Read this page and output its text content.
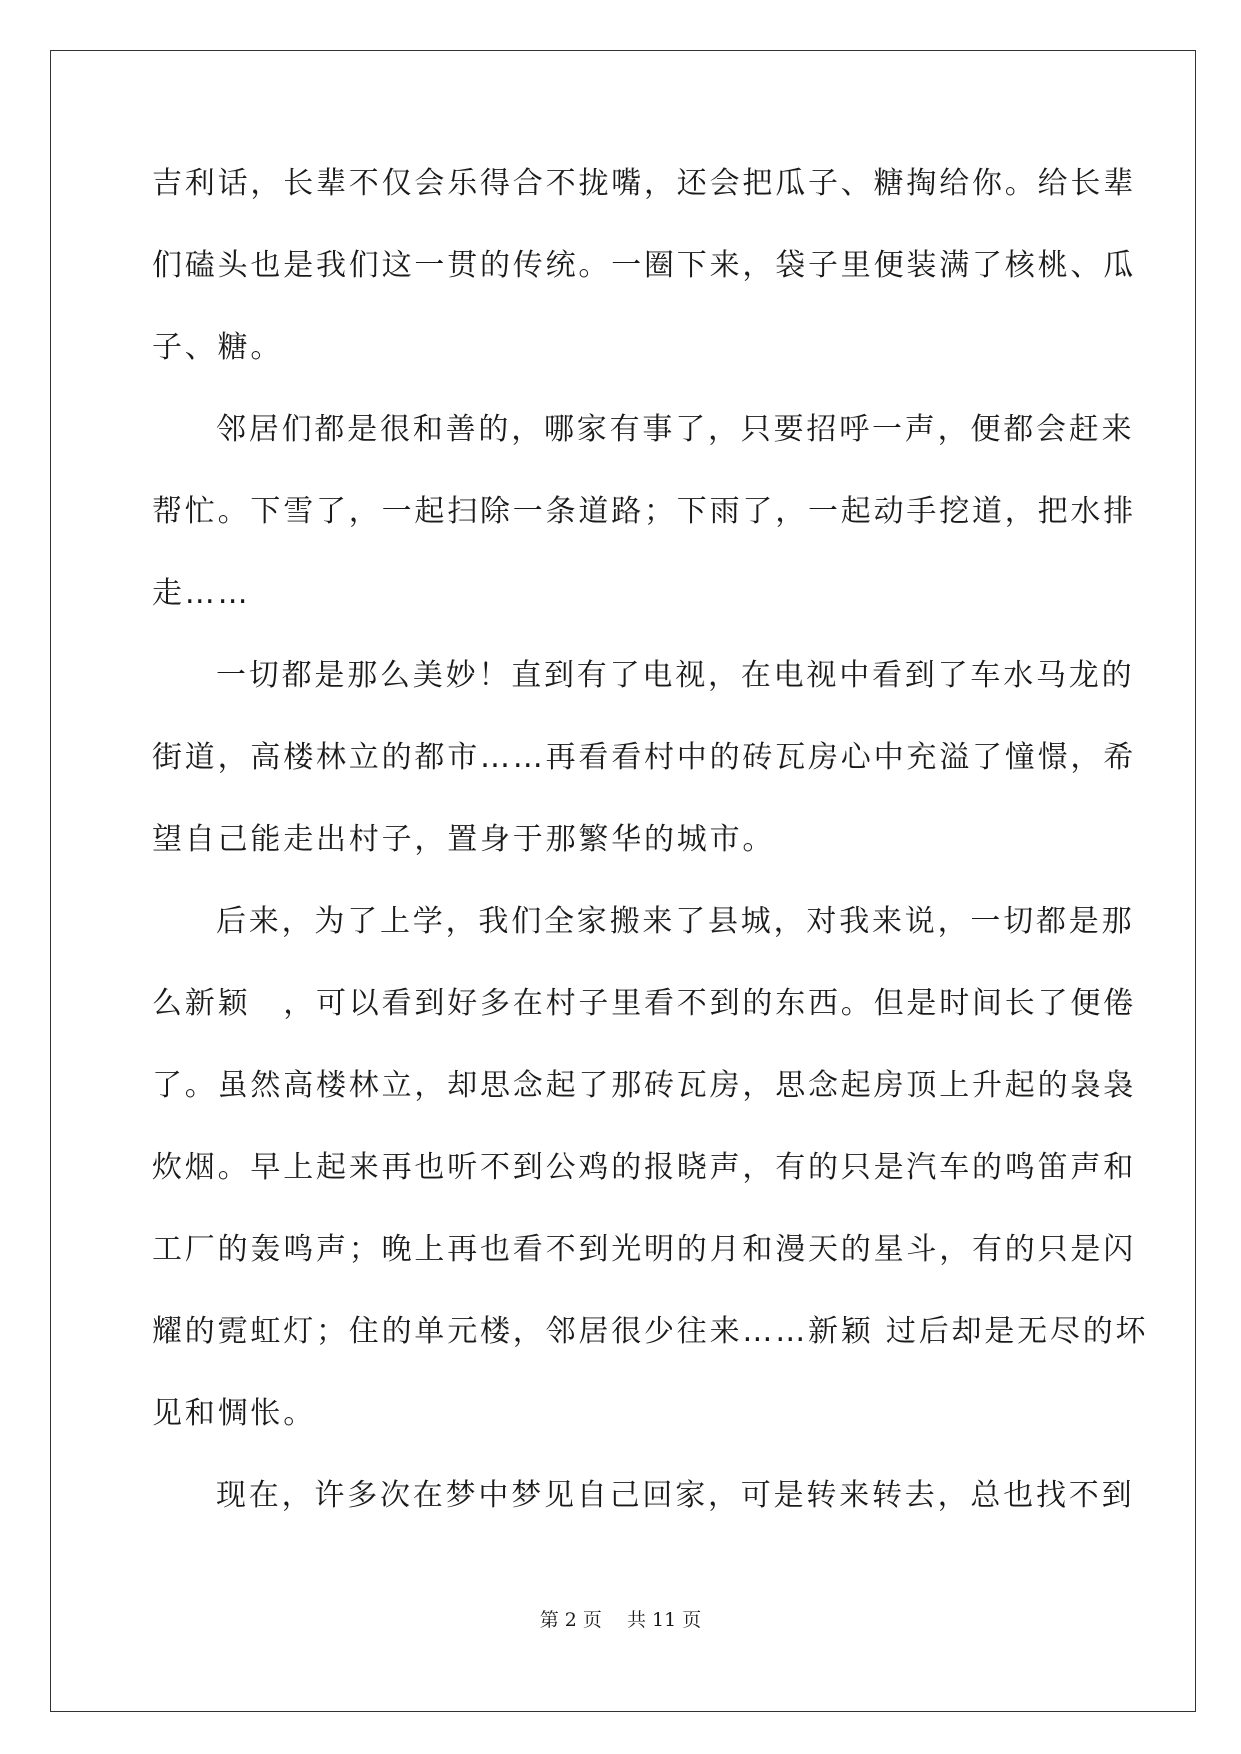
吉利话，长辈不仅会乐得合不拢嘴，还会把瓜子、糖掏给你。给长辈
们磕头也是我们这一贯的传统。一圈下来，袋子里便装满了核桃、瓜
子、糖。
邻居们都是很和善的，哪家有事了，只要招呼一声，便都会赶来
帮忙。下雪了，一起扫除一条道路；下雨了，一起动手挖道，把水排
走……
一切都是那么美妙！直到有了电视，在电视中看到了车水马龙的
街道，高楼林立的都市……再看看村中的砖瓦房心中充溢了憧憬，希
望自己能走出村子，置身于那繁华的城市。
后来，为了上学，我们全家搬来了县城，对我来说，一切都是那
么新颖　，可以看到好多在村子里看不到的东西。但是时间长了便倦
了。虽然高楼林立，却思念起了那砖瓦房，思念起房顶上升起的袅袅
炊烟。早上起来再也听不到公鸡的报晓声，有的只是汽车的鸣笛声和
工厂的轰鸣声；晚上再也看不到光明的月和漫天的星斗，有的只是闪
耀的霓虹灯；住的单元楼，邻居很少往来……新颖 过后却是无尽的坏
见和惆怅。
现在，许多次在梦中梦见自己回家，可是转来转去，总也找不到
第 2 页　 共 11 页
